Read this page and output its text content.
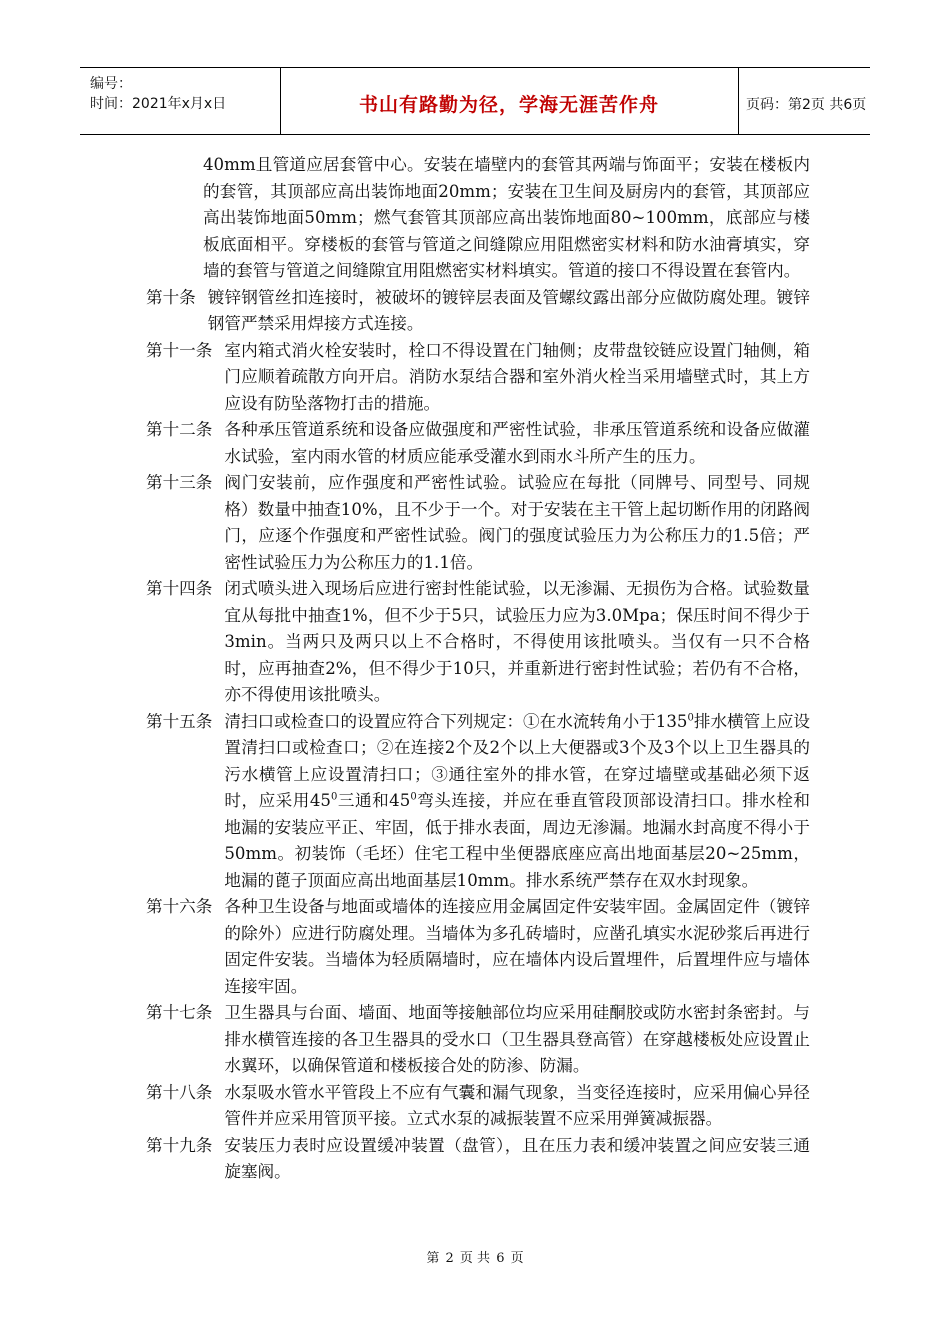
编号：
时间：2021年x月x日	书山有路勤为径，学海无涯苦作舟	页码：第2页 共6页

40mm且管道应居套管中心。安装在墙壁内的套管其两端与饰面平；安装在楼板内的套管，其顶部应高出装饰地面20mm；安装在卫生间及厨房内的套管，其顶部应高出装饰地面50mm；燃气套管其顶部应高出装饰地面80~100mm，底部应与楼板底面相平。穿楼板的套管与管道之间缝隙应用阻燃密实材料和防水油膏填实，穿墙的套管与管道之间缝隙宜用阻燃密实材料填实。管道的接口不得设置在套管内。

第十条 镀锌钢管丝扣连接时，被破坏的镀锌层表面及管螺纹露出部分应做防腐处理。镀锌钢管严禁采用焊接方式连接。
第十一条 室内箱式消火栓安装时，栓口不得设置在门轴侧；皮带盘铰链应设置门轴侧，箱门应顺着疏散方向开启。消防水泵结合器和室外消火栓当采用墙壁式时，其上方应设有防坠落物打击的措施。
第十二条 各种承压管道系统和设备应做强度和严密性试验，非承压管道系统和设备应做灌水试验，室内雨水管的材质应能承受灌水到雨水斗所产生的压力。
第十三条 阀门安装前，应作强度和严密性试验。试验应在每批（同牌号、同型号、同规格）数量中抽查10%，且不少于一个。对于安装在主干管上起切断作用的闭路阀门，应逐个作强度和严密性试验。阀门的强度试验压力为公称压力的1.5倍；严密性试验压力为公称压力的1.1倍。
第十四条 闭式喷头进入现场后应进行密封性能试验，以无渗漏、无损伤为合格。试验数量宜从每批中抽查1%，但不少于5只，试验压力应为3.0Mpa；保压时间不得少于3min。当两只及两只以上不合格时，不得使用该批喷头。当仅有一只不合格时，应再抽查2%，但不得少于10只，并重新进行密封性试验；若仍有不合格，亦不得使用该批喷头。
第十五条 清扫口或检查口的设置应符合下列规定：①在水流转角小于$135^0$排水横管上应设置清扫口或检查口；②在连接2个及2个以上大便器或3个及3个以上卫生器具的污水横管上应设置清扫口；③通往室外的排水管，在穿过墙壁或基础必须下返时，应采用$45^0$三通和$45^0$弯头连接，并应在垂直管段顶部设清扫口。排水栓和地漏的安装应平正、牢固，低于排水表面，周边无渗漏。地漏水封高度不得小于50mm。初装饰（毛坯）住宅工程中坐便器底座应高出地面基层20~25mm，地漏的蓖子顶面应高出地面基层10mm。排水系统严禁存在双水封现象。
第十六条 各种卫生设备与地面或墙体的连接应用金属固定件安装牢固。金属固定件（镀锌的除外）应进行防腐处理。当墙体为多孔砖墙时，应凿孔填实水泥砂浆后再进行固定件安装。当墙体为轻质隔墙时，应在墙体内设后置埋件，后置埋件应与墙体连接牢固。
第十七条 卫生器具与台面、墙面、地面等接触部位均应采用硅酮胶或防水密封条密封。与排水横管连接的各卫生器具的受水口（卫生器具登高管）在穿越楼板处应设置止水翼环，以确保管道和楼板接合处的防渗、防漏。
第十八条 水泵吸水管水平管段上不应有气囊和漏气现象，当变径连接时，应采用偏心异径管件并应采用管顶平接。立式水泵的减振装置不应采用弹簧减振器。
第十九条 安装压力表时应设置缓冲装置（盘管），且在压力表和缓冲装置之间应安装三通旋塞阀。
第 2 页 共 6 页
